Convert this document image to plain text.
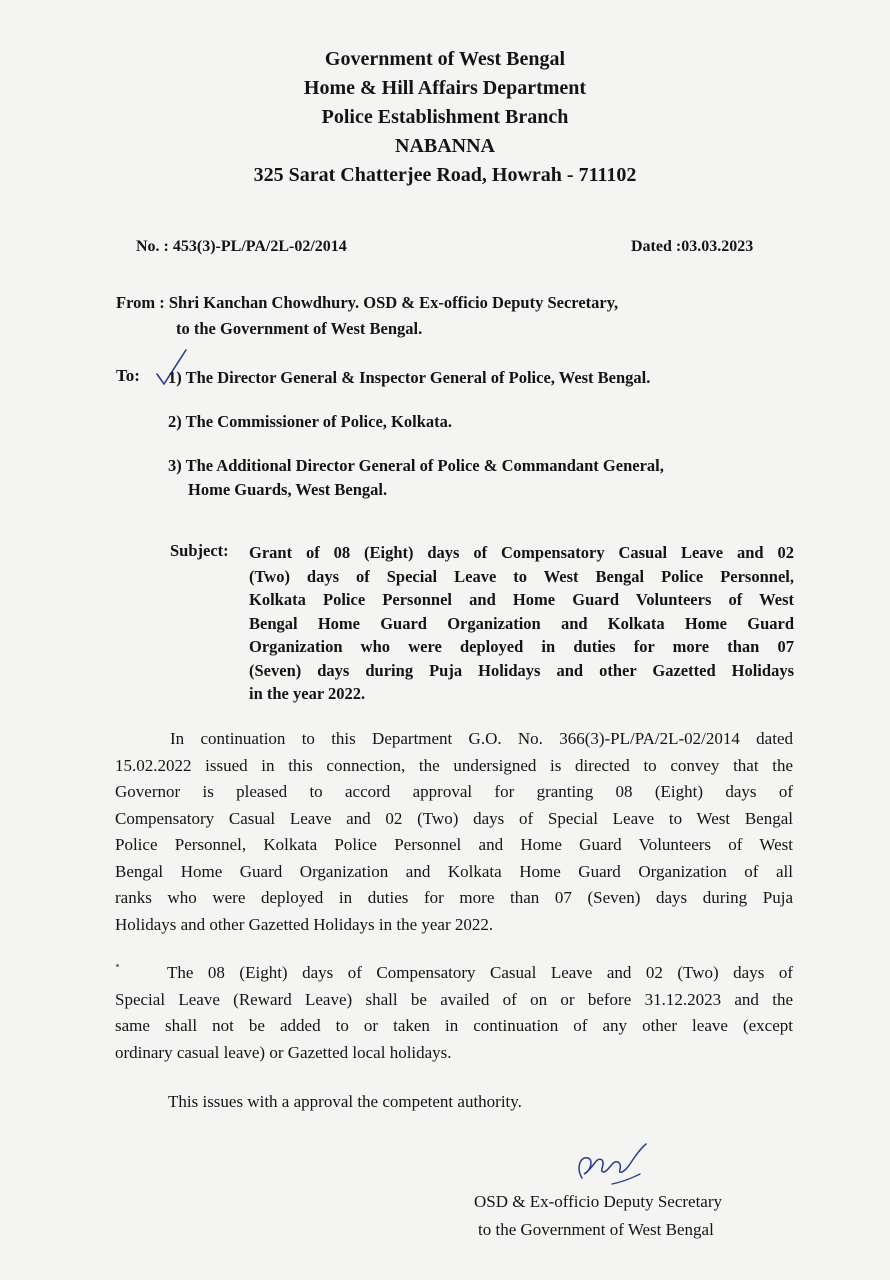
Government of West Bengal
Home & Hill Affairs Department
Police Establishment Branch
NABANNA
325 Sarat Chatterjee Road, Howrah - 711102
No. : 453(3)-PL/PA/2L-02/2014	Dated :03.03.2023
From : Shri Kanchan Chowdhury. OSD & Ex-officio Deputy Secretary,
to the Government of West Bengal.
To: 1) The Director General & Inspector General of Police, West Bengal.
2) The Commissioner of Police, Kolkata.
3) The Additional Director General of Police & Commandant General,
Home Guards, West Bengal.
Subject: Grant of 08 (Eight) days of Compensatory Casual Leave and 02
(Two) days of Special Leave to West Bengal Police Personnel,
Kolkata Police Personnel and Home Guard Volunteers of West
Bengal Home Guard Organization and Kolkata Home Guard
Organization who were deployed in duties for more than 07
(Seven) days during Puja Holidays and other Gazetted Holidays
in the year 2022.
In continuation to this Department G.O. No. 366(3)-PL/PA/2L-02/2014 dated
15.02.2022 issued in this connection, the undersigned is directed to convey that the
Governor is pleased to accord approval for granting 08 (Eight) days of
Compensatory Casual Leave and 02 (Two) days of Special Leave to West Bengal
Police Personnel, Kolkata Police Personnel and Home Guard Volunteers of West
Bengal Home Guard Organization and Kolkata Home Guard Organization of all
ranks who were deployed in duties for more than 07 (Seven) days during Puja
Holidays and other Gazetted Holidays in the year 2022.
The 08 (Eight) days of Compensatory Casual Leave and 02 (Two) days of
Special Leave (Reward Leave) shall be availed of on or before 31.12.2023 and the
same shall not be added to or taken in continuation of any other leave (except
ordinary casual leave) or Gazetted local holidays.
This issues with a approval the competent authority.
OSD & Ex-officio Deputy Secretary
to the Government of West Bengal
